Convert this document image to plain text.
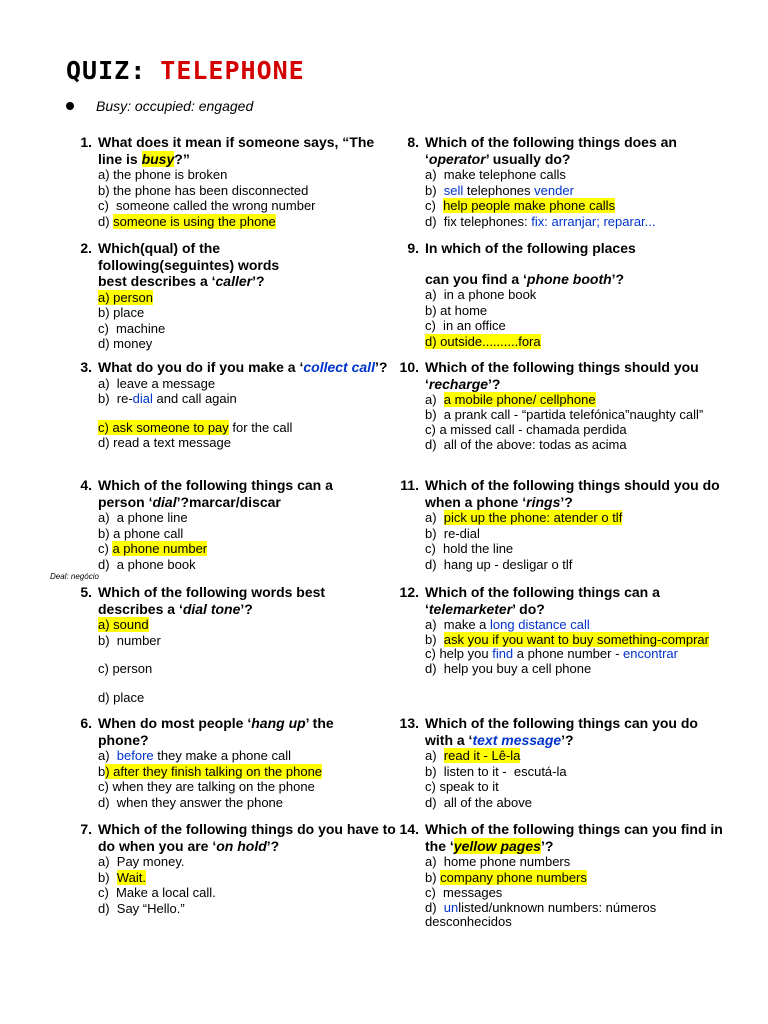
QUIZ: TELEPHONE
Busy: occupied: engaged
Deal: negócio
1. What does it mean if someone says, “The line is busy?”
a) the phone is broken
b) the phone has been disconnected
c)  someone called the wrong number
d) someone is using the phone
2. Which(qual) of the following(seguintes) words best describes a ‘caller’?
a) person
b) place
c)  machine
d) money
3. What do you do if you make a ‘collect call’?
a)  leave a message
b)  re-dial and call again
c) ask someone to pay for the call
d) read a text message
4. Which of the following things can a person ‘dial’?marcar/discar
a)  a phone line
b) a phone call
c) a phone number
d)  a phone book
5. Which of the following words best describes a ‘dial tone’?
a) sound
b)  number
c) person
d) place
6. When do most people ‘hang up’ the phone?
a)  before they make a phone call
b) after they finish talking on the phone
c) when they are talking on the phone
d)  when they answer the phone
7. Which of the following things do you have to do when you are ‘on hold’?
a)  Pay money.
b)  Wait.
c)  Make a local call.
d)  Say “Hello.”
8. Which of the following things does an ‘operator’ usually do?
a)  make telephone calls
b)  sell telephones vender
c)  help people make phone calls
d)  fix telephones: fix: arranjar; reparar...
9. In which of the following places
can you find a ‘phone booth’?
a)  in a phone book
b) at home
c)  in an office
d) outside..........fora
10. Which of the following things should you ‘recharge’?
a)  a mobile phone/ cellphone
b)  a prank call - “partida telefónica”naughty call”
c) a missed call - chamada perdida
d)  all of the above: todas as acima
11. Which of the following things should you do when a phone ‘rings’?
a)  pick up the phone: atender o tlf
b)  re-dial
c)  hold the line
d)  hang up - desligar o tlf
12. Which of the following things can a ‘telemarketer’ do?
a)  make a long distance call
b)  ask you if you want to buy something-comprar
c) help you find a phone number - encontrar
d)  help you buy a cell phone
13. Which of the following things can you do with a ‘text message’?
a)  read it - Lê-la
b)  listen to it -  escutá-la
c) speak to it
d)  all of the above
14. Which of the following things can you find in the ‘yellow pages’?
a)  home phone numbers
b) company phone numbers
c)  messages
d)  unlisted/unknown numbers: números desconhecidos
